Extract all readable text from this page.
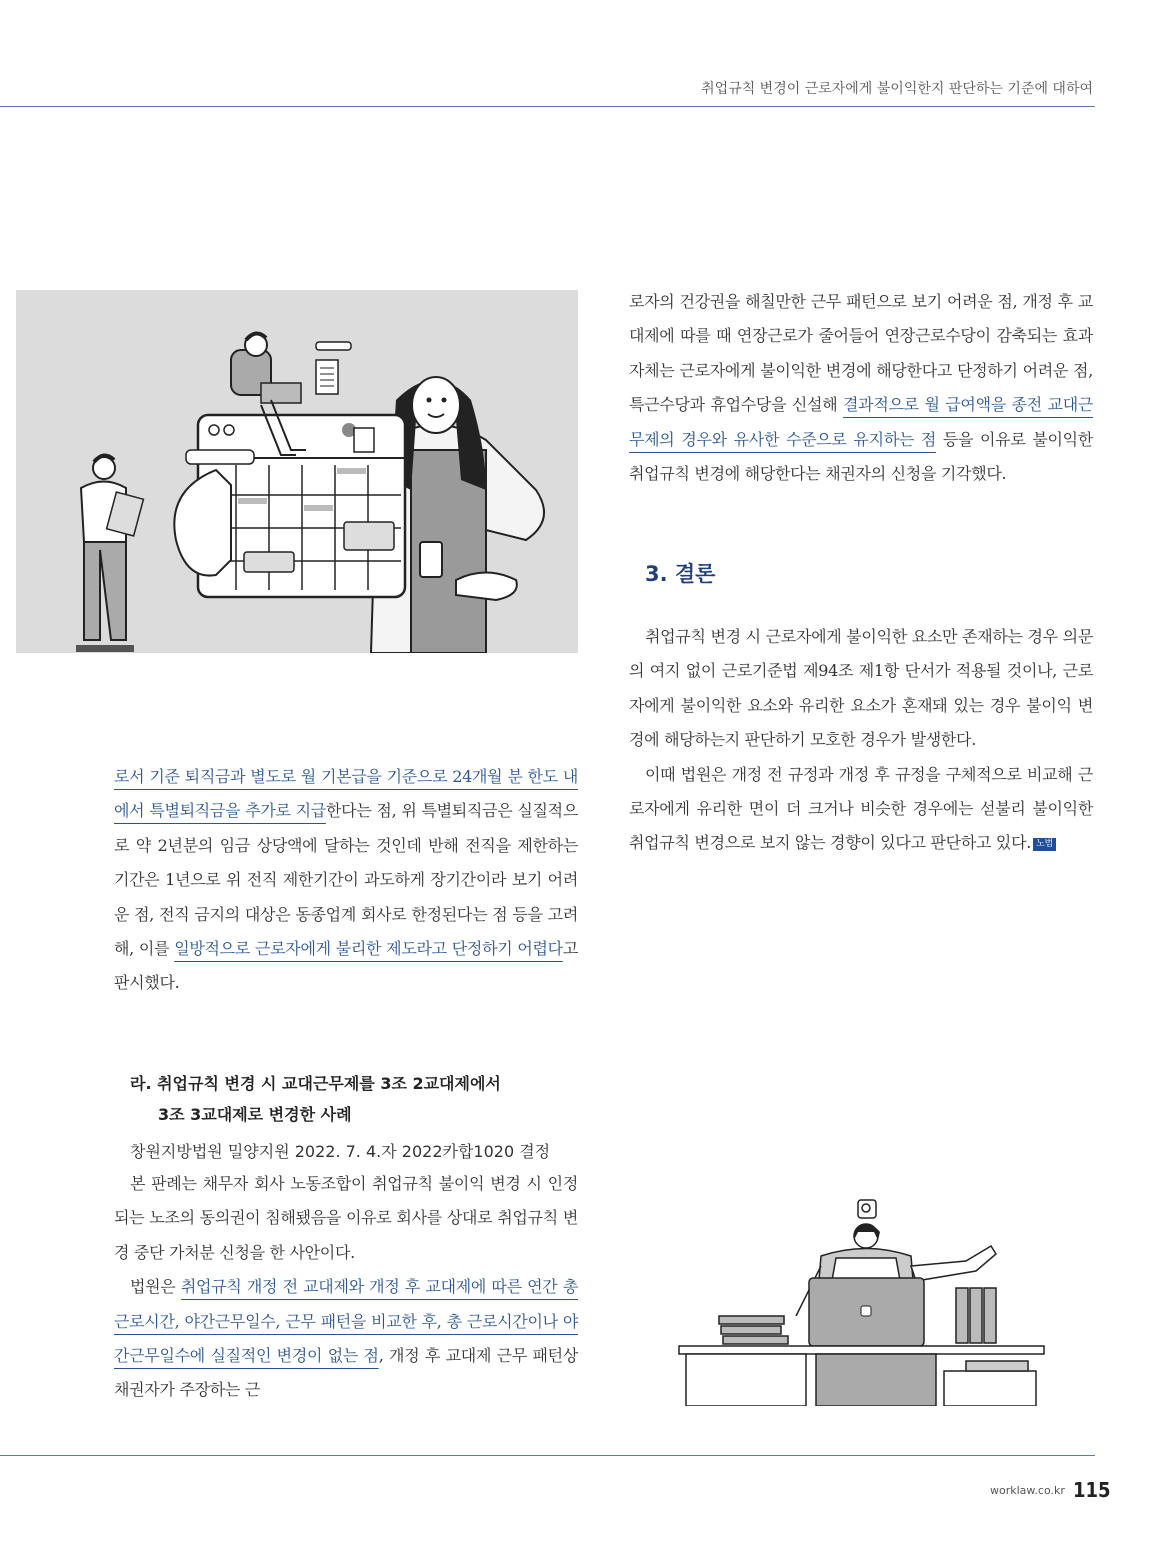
취업규칙 변경이 근로자에게 불이익한지 판단하는 기준에 대하여

로서 기준 퇴직금과 별도로 월 기본급을 기준으로 24개월 분 한도 내에서 특별퇴직금을 추가로 지급한다는 점, 위 특별퇴직금은 실질적으로 약 2년분의 임금 상당액에 달하는 것인데 반해 전직을 제한하는 기간은 1년으로 위 전직 제한기간이 과도하게 장기간이라 보기 어려운 점, 전직 금지의 대상은 동종업계 회사로 한정된다는 점 등을 고려해, 이를 일방적으로 근로자에게 불리한 제도라고 단정하기 어렵다고 판시했다.

라. 취업규칙 변경 시 교대근무제를 3조 2교대제에서
3조 3교대제로 변경한 사례

창원지방법원 밀양지원 2022. 7. 4.자 2022카합1020 결정

본 판례는 채무자 회사 노동조합이 취업규칙 불이익 변경 시 인정되는 노조의 동의권이 침해됐음을 이유로 회사를 상대로 취업규칙 변경 중단 가처분 신청을 한 사안이다.

법원은 취업규칙 개정 전 교대제와 개정 후 교대제에 따른 연간 총 근로시간, 야간근무일수, 근무 패턴을 비교한 후, 총 근로시간이나 야간근무일수에 실질적인 변경이 없는 점, 개정 후 교대제 근무 패턴상 채권자가 주장하는 근

로자의 건강권을 해칠만한 근무 패턴으로 보기 어려운 점, 개정 후 교대제에 따를 때 연장근로가 줄어들어 연장근로수당이 감축되는 효과 자체는 근로자에게 불이익한 변경에 해당한다고 단정하기 어려운 점, 특근수당과 휴업수당을 신설해 결과적으로 월 급여액을 종전 교대근무제의 경우와 유사한 수준으로 유지하는 점 등을 이유로 불이익한 취업규칙 변경에 해당한다는 채권자의 신청을 기각했다.

3. 결론

취업규칙 변경 시 근로자에게 불이익한 요소만 존재하는 경우 의문의 여지 없이 근로기준법 제94조 제1항 단서가 적용될 것이나, 근로자에게 불이익한 요소와 유리한 요소가 혼재돼 있는 경우 불이익 변경에 해당하는지 판단하기 모호한 경우가 발생한다.

이때 법원은 개정 전 규정과 개정 후 규정을 구체적으로 비교해 근로자에게 유리한 면이 더 크거나 비슷한 경우에는 섣불리 불이익한 취업규칙 변경으로 보지 않는 경향이 있다고 판단하고 있다. 노범

worklaw.co.kr 115
